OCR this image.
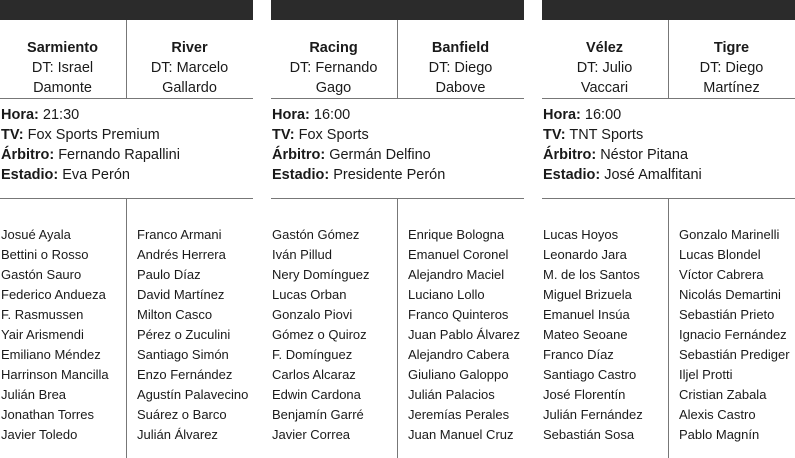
Sarmiento
DT: Israel
Damonte
River
DT: Marcelo
Gallardo
Hora: 21:30
TV: Fox Sports Premium
Árbitro: Fernando Rapallini
Estadio: Eva Perón
Josué Ayala
Bettini o Rosso
Gastón Sauro
Federico Andueza
F. Rasmussen
Yair Arismendi
Emiliano Méndez
Harrinson Mancilla
Julián Brea
Jonathan Torres
Javier Toledo
Franco Armani
Andrés Herrera
Paulo Díaz
David Martínez
Milton Casco
Pérez o Zuculini
Santiago Simón
Enzo Fernández
Agustín Palavecino
Suárez o Barco
Julián Álvarez
Racing
DT: Fernando
Gago
Banfield
DT: Diego
Dabove
Hora: 16:00
TV: Fox Sports
Árbitro: Germán Delfino
Estadio: Presidente Perón
Gastón Gómez
Iván Pillud
Nery Domínguez
Lucas Orban
Gonzalo Piovi
Gómez o Quiroz
F. Domínguez
Carlos Alcaraz
Edwin Cardona
Benjamín Garré
Javier Correa
Enrique Bologna
Emanuel Coronel
Alejandro Maciel
Luciano Lollo
Franco Quinteros
Juan Pablo Álvarez
Alejandro Cabera
Giuliano Galoppo
Julián Palacios
Jeremías Perales
Juan Manuel Cruz
Vélez
DT: Julio
Vaccari
Tigre
DT: Diego
Martínez
Hora: 16:00
TV: TNT Sports
Árbitro: Néstor Pitana
Estadio: José Amalfitani
Lucas Hoyos
Leonardo Jara
M. de los Santos
Miguel Brizuela
Emanuel Insúa
Mateo Seoane
Franco Díaz
Santiago Castro
José Florentín
Julián Fernández
Sebastián Sosa
Gonzalo Marinelli
Lucas Blondel
Víctor Cabrera
Nicolás Demartini
Sebastián Prieto
Ignacio Fernández
Sebastián Prediger
Iljel Protti
Cristian Zabala
Alexis Castro
Pablo Magnín
